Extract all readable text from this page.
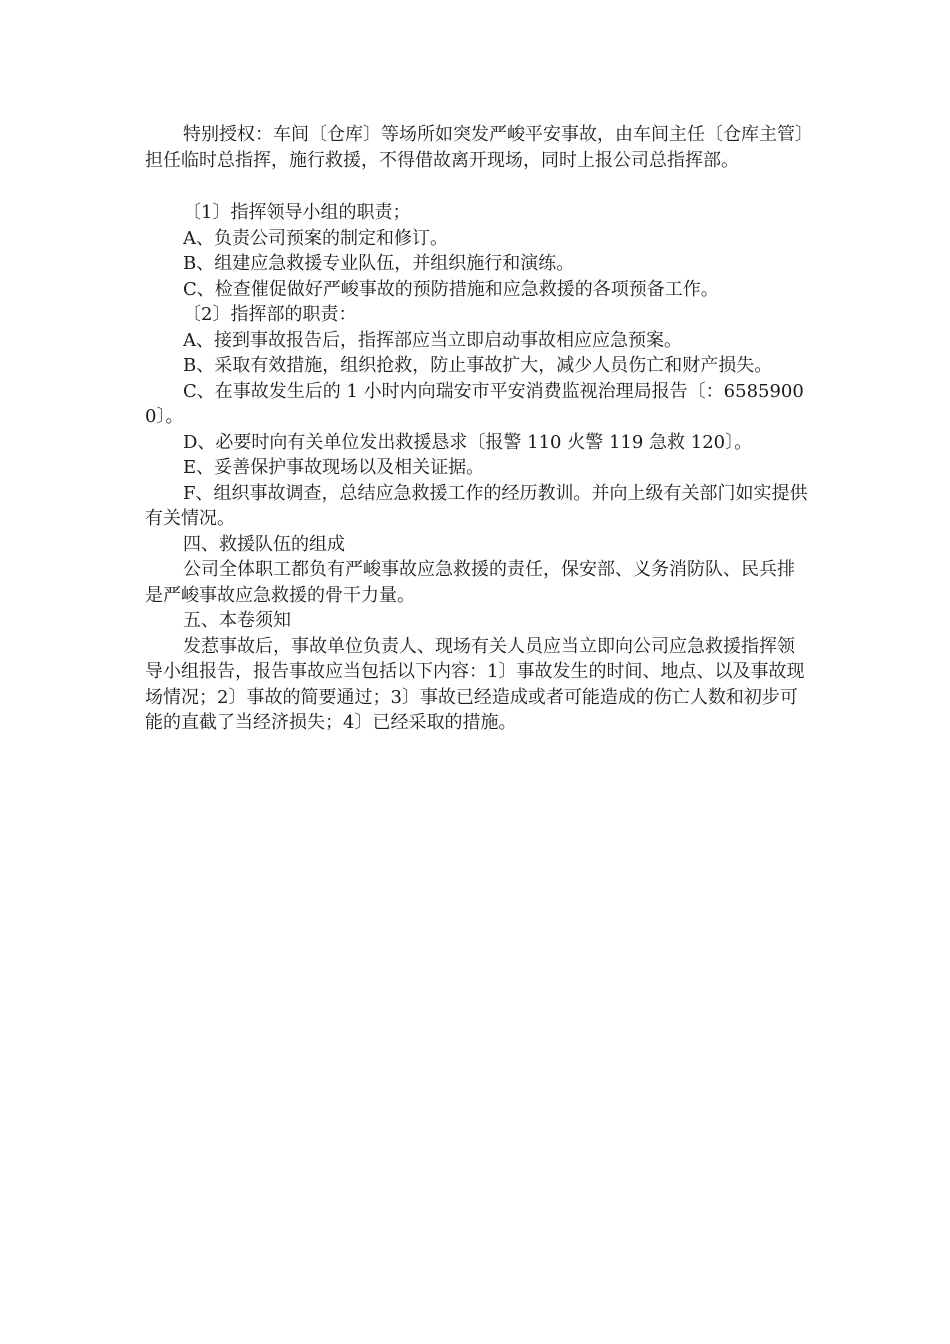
特别授权：车间〔仓库〕等场所如突发严峻平安事故，由车间主任〔仓库主管〕担任临时总指挥，施行救援，不得借故离开现场，同时上报公司总指挥部。

〔1〕指挥领导小组的职责；

A、负责公司预案的制定和修订。

B、组建应急救援专业队伍，并组织施行和演练。

C、检查催促做好严峻事故的预防措施和应急救援的各项预备工作。

〔2〕指挥部的职责：

A、接到事故报告后，指挥部应当立即启动事故相应应急预案。

B、采取有效措施，组织抢救，防止事故扩大，减少人员伤亡和财产损失。

C、在事故发生后的 1 小时内向瑞安市平安消费监视治理局报告〔：65859000〕。

D、必要时向有关单位发出救援恳求〔报警 110 火警 119 急救 120〕。

E、妥善保护事故现场以及相关证据。

F、组织事故调查，总结应急救援工作的经历教训。并向上级有关部门如实提供有关情况。

四、救援队伍的组成

公司全体职工都负有严峻事故应急救援的责任，保安部、义务消防队、民兵排是严峻事故应急救援的骨干力量。

五、本卷须知

发惹事故后，事故单位负责人、现场有关人员应当立即向公司应急救援指挥领导小组报告，报告事故应当包括以下内容：1〕事故发生的时间、地点、以及事故现场情况；2〕事故的简要通过；3〕事故已经造成或者可能造成的伤亡人数和初步可能的直截了当经济损失；4〕已经采取的措施。
